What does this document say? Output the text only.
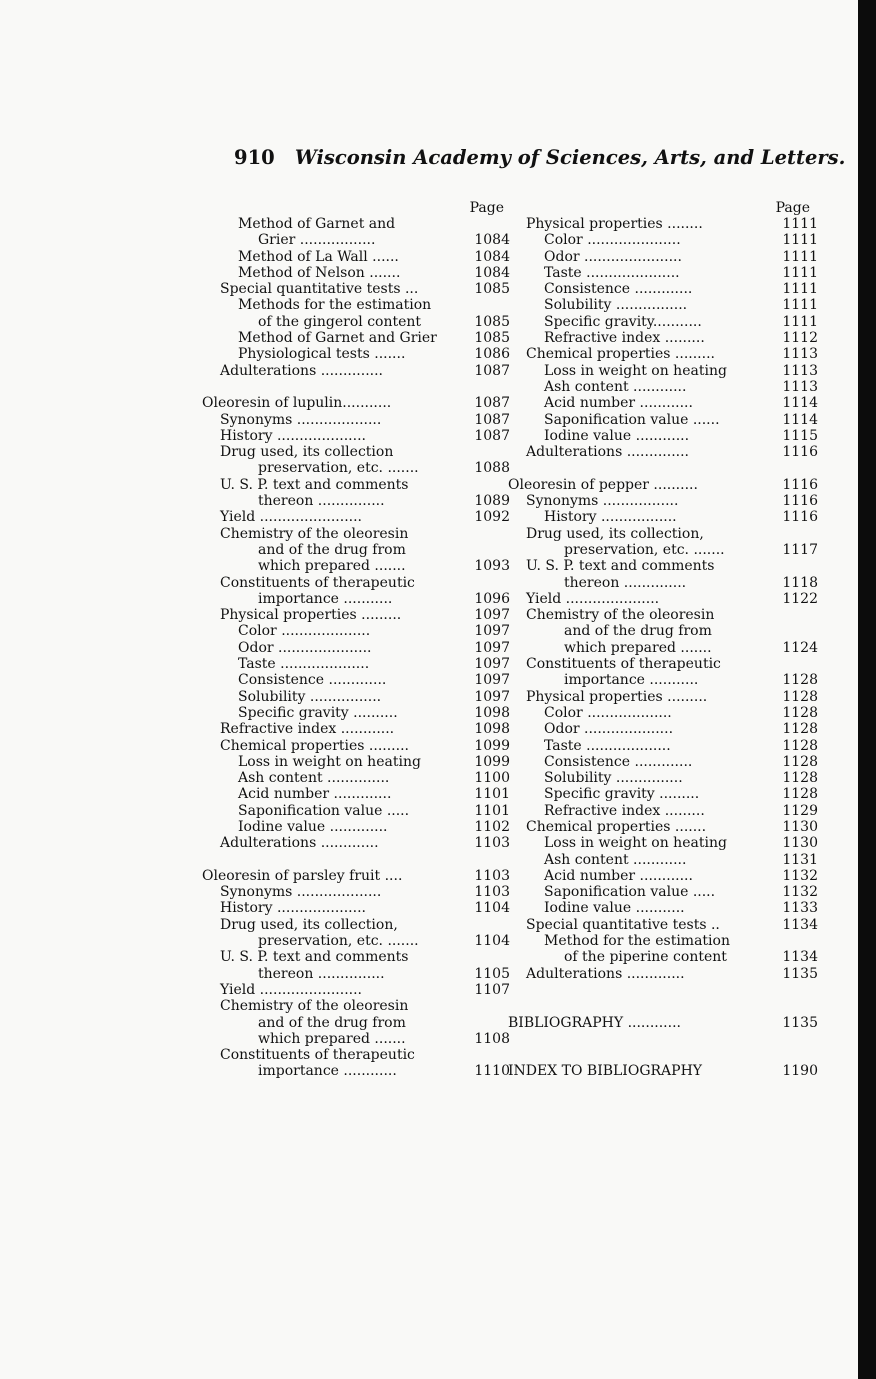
910 Wisconsin Academy of Sciences, Arts, and Letters.
Page
Method of Garnet and
Grier .................	1084
Method of La Wall ......	1084
Method of Nelson .......	1084
Special quantitative tests ...	1085
Methods for the estimation
of the gingerol content	1085
Method of Garnet and Grier	1085
Physiological tests .......	1086
Adulterations ..............	1087
Oleoresin of lupulin...........	1087
Synonyms ...................	1087
History ....................	1087
Drug used, its collection
preservation, etc. .......	1088
U. S. P. text and comments
thereon ...............	1089
Yield .......................	1092
Chemistry of the oleoresin
and of the drug from
which prepared .......	1093
Constituents of therapeutic
importance ...........	1096
Physical properties .........	1097
Color ....................	1097
Odor .....................	1097
Taste ....................	1097
Consistence .............	1097
Solubility ................	1097
Specific gravity ..........	1098
Refractive index ............	1098
Chemical properties .........	1099
Loss in weight on heating	1099
Ash content ..............	1100
Acid number .............	1101
Saponification value .....	1101
Iodine value .............	1102
Adulterations .............	1103
Oleoresin of parsley fruit ....	1103
Synonyms ...................	1103
History ....................	1104
Drug used, its collection,
preservation, etc. .......	1104
U. S. P. text and comments
thereon ...............	1105
Yield .......................	1107
Chemistry of the oleoresin
and of the drug from
which prepared .......	1108
Constituents of therapeutic
importance ............	1110
Page
Physical properties ........	1111
Color .....................	1111
Odor ......................	1111
Taste .....................	1111
Consistence .............	1111
Solubility ................	1111
Specific gravity...........	1111
Refractive index .........	1112
Chemical properties .........	1113
Loss in weight on heating	1113
Ash content ............	1113
Acid number ............	1114
Saponification value ......	1114
Iodine value ............	1115
Adulterations ..............	1116
Oleoresin of pepper ..........	1116
Synonyms .................	1116
History .................	1116
Drug used, its collection,
preservation, etc. .......	1117
U. S. P. text and comments
thereon ..............	1118
Yield .....................	1122
Chemistry of the oleoresin
and of the drug from
which prepared .......	1124
Constituents of therapeutic
importance ...........	1128
Physical properties .........	1128
Color ...................	1128
Odor ....................	1128
Taste ...................	1128
Consistence .............	1128
Solubility ...............	1128
Specific gravity .........	1128
Refractive index .........	1129
Chemical properties .......	1130
Loss in weight on heating	1130
Ash content ............	1131
Acid number ............	1132
Saponification value .....	1132
Iodine value ...........	1133
Special quantitative tests ..	1134
Method for the estimation
of the piperine content	1134
Adulterations .............	1135
BIBLIOGRAPHY ............	1135
INDEX TO BIBLIOGRAPHY	1190
